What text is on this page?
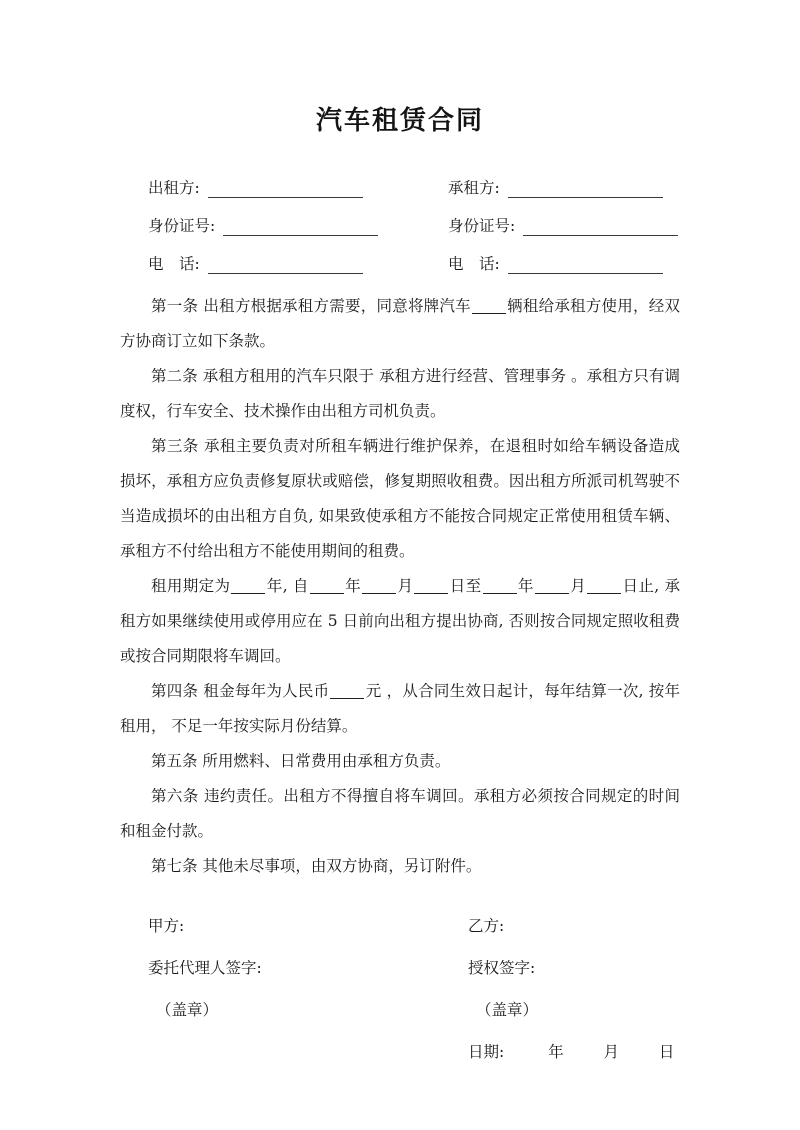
汽车租赁合同
出租方:	承租方:
身份证号:	身份证号:
电　话:	电　话:

第一条 出租方根据承租方需要，同意将牌汽车 辆租给承租方使用，经双方协商订立如下条款。

第二条 承租方租用的汽车只限于 承租方进行经营、管理事务 。承租方只有调度权，行车安全、技术操作由出租方司机负责。

第三条 承租主要负责对所租车辆进行维护保养，在退租时如给车辆设备造成损坏，承租方应负责修复原状或赔偿，修复期照收租费。因出租方所派司机驾驶不当造成损坏的由出租方自负, 如果致使承租方不能按合同规定正常使用租赁车辆、承租方不付给出租方不能使用期间的租费。

租用期定为 年, 自 年 月 日至 年 月 日止, 承租方如果继续使用或停用应在 5 日前向出租方提出协商, 否则按合同规定照收租费或按合同期限将车调回。

第四条 租金每年为人民币 元 ，从合同生效日起计，每年结算一次, 按年租用， 不足一年按实际月份结算。

第五条 所用燃料、日常费用由承租方负责。

第六条 违约责任。出租方不得擅自将车调回。承租方必须按合同规定的时间和租金付款。

第七条 其他未尽事项，由双方协商，另订附件。

甲方:	乙方:
委托代理人签字:	授权签字:
（盖章）	（盖章）
日期:	年	月	日
